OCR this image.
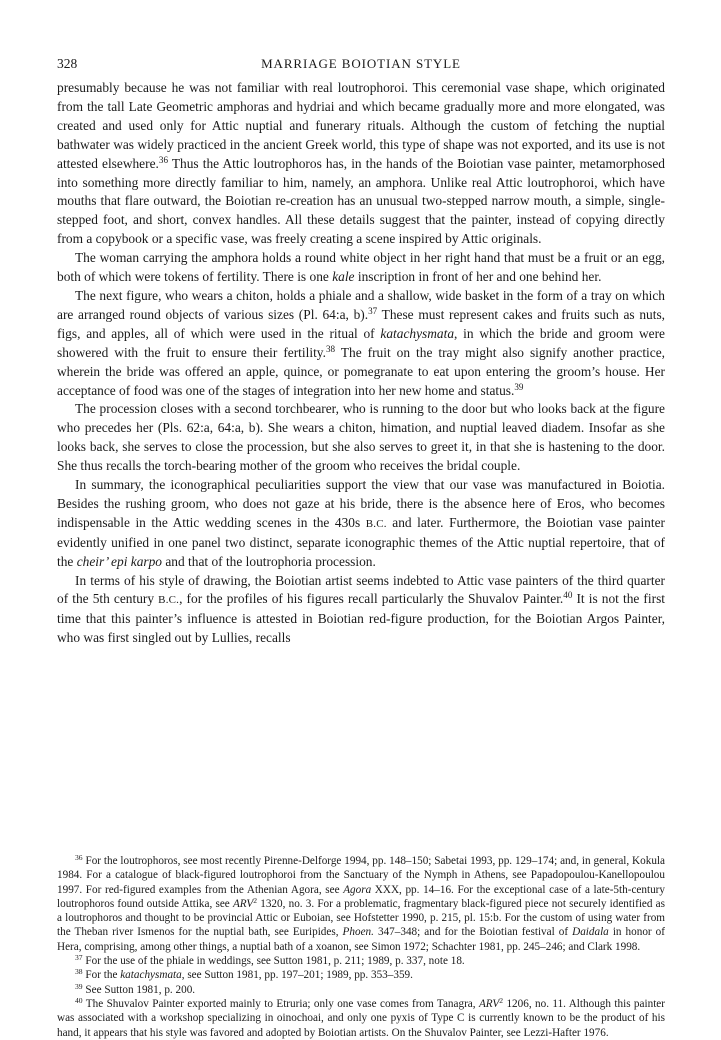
328	MARRIAGE BOIOTIAN STYLE

presumably because he was not familiar with real loutrophoroi. This ceremonial vase shape, which originated from the tall Late Geometric amphoras and hydriai and which became gradually more and more elongated, was created and used only for Attic nuptial and funerary rituals. Although the custom of fetching the nuptial bathwater was widely practiced in the ancient Greek world, this type of shape was not exported, and its use is not attested elsewhere.$^{36}$ Thus the Attic loutrophoros has, in the hands of the Boiotian vase painter, metamorphosed into something more directly familiar to him, namely, an amphora. Unlike real Attic loutrophoroi, which have mouths that flare outward, the Boiotian re-creation has an unusual two-stepped narrow mouth, a simple, single-stepped foot, and short, convex handles. All these details suggest that the painter, instead of copying directly from a copybook or a specific vase, was freely creating a scene inspired by Attic originals.

The woman carrying the amphora holds a round white object in her right hand that must be a fruit or an egg, both of which were tokens of fertility. There is one kale inscription in front of her and one behind her.

The next figure, who wears a chiton, holds a phiale and a shallow, wide basket in the form of a tray on which are arranged round objects of various sizes (Pl. 64:a, b).$^{37}$ These must represent cakes and fruits such as nuts, figs, and apples, all of which were used in the ritual of katachysmata, in which the bride and groom were showered with the fruit to ensure their fertility.$^{38}$ The fruit on the tray might also signify another practice, wherein the bride was offered an apple, quince, or pomegranate to eat upon entering the groom’s house. Her acceptance of food was one of the stages of integration into her new home and status.$^{39}$

The procession closes with a second torchbearer, who is running to the door but who looks back at the figure who precedes her (Pls. 62:a, 64:a, b). She wears a chiton, himation, and nuptial leaved diadem. Insofar as she looks back, she serves to close the procession, but she also serves to greet it, in that she is hastening to the door. She thus recalls the torch-bearing mother of the groom who receives the bridal couple.

In summary, the iconographical peculiarities support the view that our vase was manufactured in Boiotia. Besides the rushing groom, who does not gaze at his bride, there is the absence here of Eros, who becomes indispensable in the Attic wedding scenes in the 430s B.C. and later. Furthermore, the Boiotian vase painter evidently unified in one panel two distinct, separate iconographic themes of the Attic nuptial repertoire, that of the cheir’ epi karpo and that of the loutrophoria procession.

In terms of his style of drawing, the Boiotian artist seems indebted to Attic vase painters of the third quarter of the 5th century B.C., for the profiles of his figures recall particularly the Shuvalov Painter.$^{40}$ It is not the first time that this painter’s influence is attested in Boiotian red-figure production, for the Boiotian Argos Painter, who was first singled out by Lullies, recalls

$^{36}$ For the loutrophoros, see most recently Pirenne-Delforge 1994, pp. 148–150; Sabetai 1993, pp. 129–174; and, in general, Kokula 1984. For a catalogue of black-figured loutrophoroi from the Sanctuary of the Nymph in Athens, see Papadopoulou-Kanellopoulou 1997. For red-figured examples from the Athenian Agora, see Agora XXX, pp. 14–16. For the exceptional case of a late-5th-century loutrophoros found outside Attika, see ARV$^2$ 1320, no. 3. For a problematic, fragmentary black-figured piece not securely identified as a loutrophoros and thought to be provincial Attic or Euboian, see Hofstetter 1990, p. 215, pl. 15:b. For the custom of using water from the Theban river Ismenos for the nuptial bath, see Euripides, Phoen. 347–348; and for the Boiotian festival of Daidala in honor of Hera, comprising, among other things, a nuptial bath of a xoanon, see Simon 1972; Schachter 1981, pp. 245–246; and Clark 1998.

$^{37}$ For the use of the phiale in weddings, see Sutton 1981, p. 211; 1989, p. 337, note 18.

$^{38}$ For the katachysmata, see Sutton 1981, pp. 197–201; 1989, pp. 353–359.

$^{39}$ See Sutton 1981, p. 200.

$^{40}$ The Shuvalov Painter exported mainly to Etruria; only one vase comes from Tanagra, ARV$^2$ 1206, no. 11. Although this painter was associated with a workshop specializing in oinochoai, and only one pyxis of Type C is currently known to be the product of his hand, it appears that his style was favored and adopted by Boiotian artists. On the Shuvalov Painter, see Lezzi-Hafter 1976.
